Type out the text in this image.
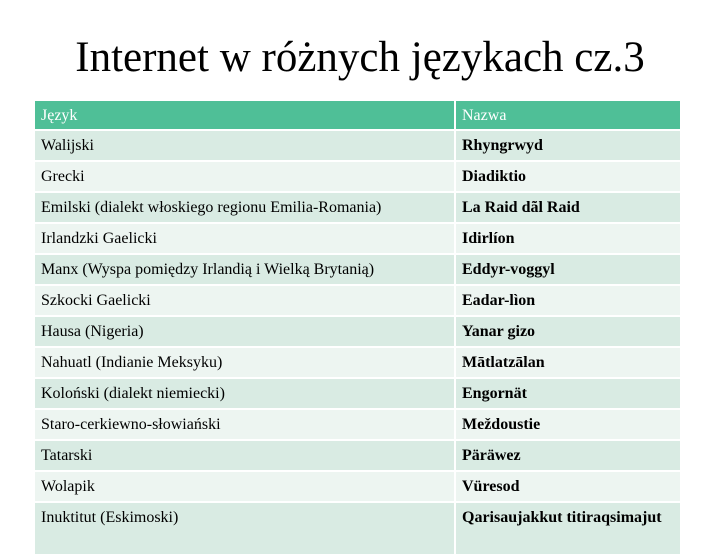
Internet w różnych językach cz.3
Język	Nazwa
Walijski	Rhyngrwyd
Grecki	Diadiktio
Emilski (dialekt włoskiego regionu Emilia-Romania)	La Raid dãl Raid
Irlandzki Gaelicki	Idirlíon
Manx (Wyspa pomiędzy Irlandią i Wielką Brytanią)	Eddyr-voggyl
Szkocki Gaelicki	Eadar-lìon
Hausa (Nigeria)	Yanar gizo
Nahuatl (Indianie Meksyku)	Mātlatzālan
Koloński (dialekt niemiecki)	Engornät
Staro-cerkiewno-słowiański	Meždoustie
Tatarski	Päräwez
Wolapik	Vüresod
Inuktitut (Eskimoski)	Qarisaujakkut titiraqsimajut
